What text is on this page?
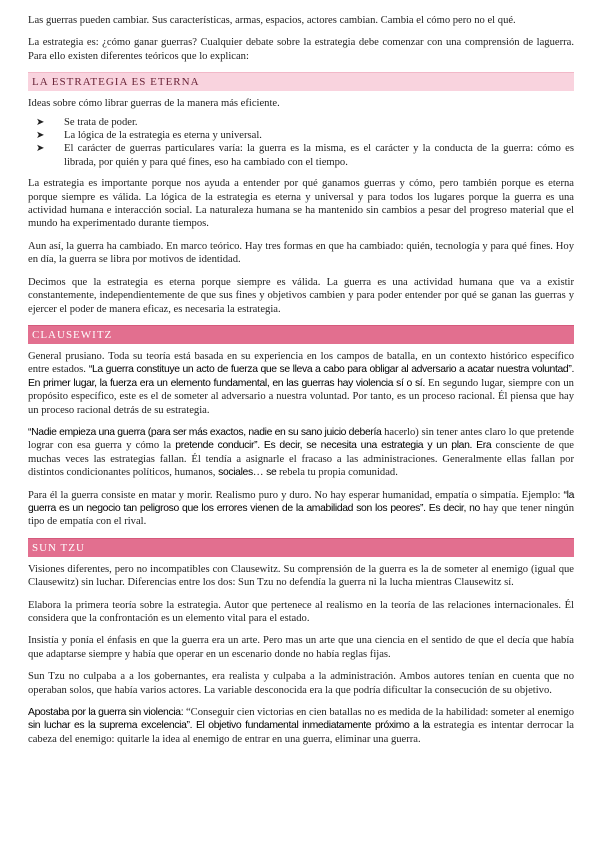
Las guerras pueden cambiar. Sus características, armas, espacios, actores cambian. Cambia el cómo pero no el qué.

La estrategia es: ¿cómo ganar guerras? Cualquier debate sobre la estrategia debe comenzar con una comprensión de laguerra. Para ello existen diferentes teóricos que lo explican:

LA ESTRATEGIA ES ETERNA

Ideas sobre cómo librar guerras de la manera más eficiente.

➤ Se trata de poder.
➤ La lógica de la estrategia es eterna y universal.
➤ El carácter de guerras particulares varía: la guerra es la misma, es el carácter y la conducta de la guerra: cómo es librada, por quién y para qué fines, eso ha cambiado con el tiempo.

La estrategia es importante porque nos ayuda a entender por qué ganamos guerras y cómo, pero también porque es eterna porque siempre es válida. La lógica de la estrategia es eterna y universal y para todos los lugares porque la guerra es una actividad humana e interacción social. La naturaleza humana se ha mantenido sin cambios a pesar del progreso material que el mundo ha experimentado durante tiempos.

Aun así, la guerra ha cambiado. En marco teórico. Hay tres formas en que ha cambiado: quién, tecnología y para qué fines. Hoy en día, la guerra se libra por motivos de identidad.

Decimos que la estrategia es eterna porque siempre es válida. La guerra es una actividad humana que va a existir constantemente, independientemente de que sus fines y objetivos cambien y para poder entender por qué se ganan las guerras y ejercer el poder de manera eficaz, es necesaria la estrategia.

CLAUSEWITZ

General prusiano. Toda su teoría está basada en su experiencia en los campos de batalla, en un contexto histórico específico entre estados. “La guerra constituye un acto de fuerza que se lleva a cabo para obligar al adversario a acatar nuestra voluntad”. En primer lugar, la fuerza era un elemento fundamental, en las guerras hay violencia sí o sí. En segundo lugar, siempre con un propósito específico, este es el de someter al adversario a nuestra voluntad. Por tanto, es un proceso racional. Él piensa que hay un proceso racional detrás de su estrategia.

“Nadie empieza una guerra (para ser más exactos, nadie en su sano juicio debería hacerlo) sin tener antes claro lo que pretende lograr con esa guerra y cómo la pretende conducir”. Es decir, se necesita una estrategia y un plan. Era consciente de que muchas veces las estrategias fallan. Él tendía a asignarle el fracaso a las administraciones. Generalmente ellas fallan por distintos condicionantes políticos, humanos, sociales… se rebela tu propia comunidad.

Para él la guerra consiste en matar y morir. Realismo puro y duro. No hay esperar humanidad, empatía o simpatía. Ejemplo: “la guerra es un negocio tan peligroso que los errores vienen de la amabilidad son los peores”. Es decir, no hay que tener ningún tipo de empatía con el rival.

SUN TZU

Visiones diferentes, pero no incompatibles con Clausewitz. Su comprensión de la guerra es la de someter al enemigo (igual que Clausewitz) sin luchar. Diferencias entre los dos: Sun Tzu no defendía la guerra ni la lucha mientras Clausewitz sí.

Elabora la primera teoría sobre la estrategia. Autor que pertenece al realismo en la teoría de las relaciones internacionales. Él considera que la confrontación es un elemento vital para el estado.

Insistía y ponía el énfasis en que la guerra era un arte. Pero mas un arte que una ciencia en el sentido de que el decía que había que adaptarse siempre y había que operar en un escenario donde no había reglas fijas.

Sun Tzu no culpaba a a los gobernantes, era realista y culpaba a la administración. Ambos autores tenían en cuenta que no operaban solos, que había varios actores. La variable desconocida era la que podría dificultar la consecución de su objetivo.

Apostaba por la guerra sin violencia: “Conseguir cien victorias en cien batallas no es medida de la habilidad: someter al enemigo sin luchar es la suprema excelencia”. El objetivo fundamental inmediatamente próximo a la estrategia es intentar derrocar la cabeza del enemigo: quitarle la idea al enemigo de entrar en una guerra, eliminar una guerra.
